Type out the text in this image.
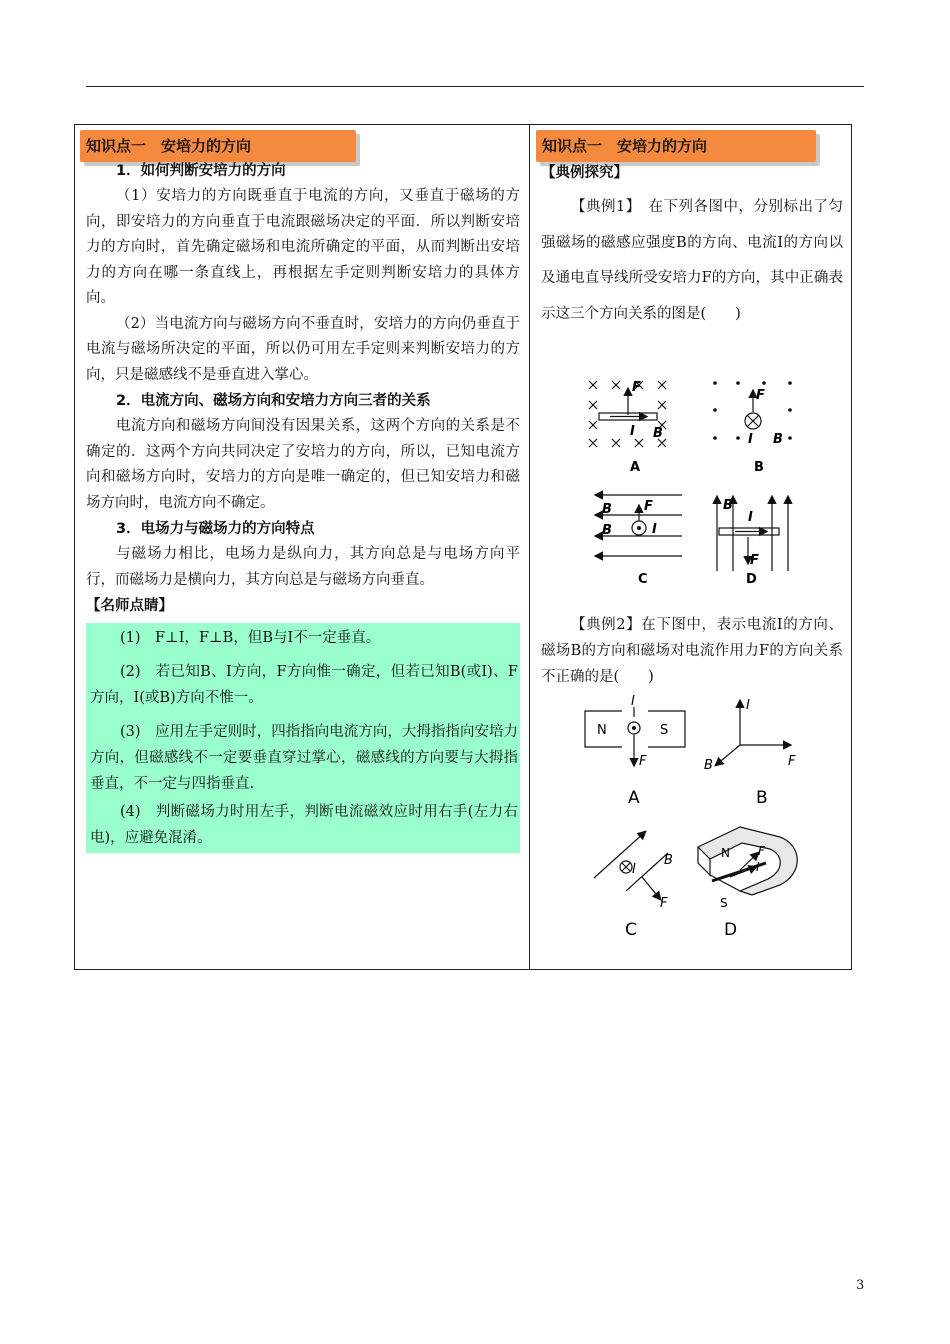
知识点一　安培力的方向

1．如何判断安培力的方向

（1）安培力的方向既垂直于电流的方向，又垂直于磁场的方向，即安培力的方向垂直于电流跟磁场决定的平面．所以判断安培力的方向时，首先确定磁场和电流所确定的平面，从而判断出安培力的方向在哪一条直线上，再根据左手定则判断安培力的具体方向。

（2）当电流方向与磁场方向不垂直时，安培力的方向仍垂直于电流与磁场所决定的平面，所以仍可用左手定则来判断安培力的方向，只是磁感线不是垂直进入掌心。

2．电流方向、磁场方向和安培力方向三者的关系

电流方向和磁场方向间没有因果关系，这两个方向的关系是不确定的．这两个方向共同决定了安培力的方向，所以，已知电流方向和磁场方向时，安培力的方向是唯一确定的，但已知安培力和磁场方向时，电流方向不确定。

3．电场力与磁场力的方向特点

与磁场力相比，电场力是纵向力，其方向总是与电场方向平行，而磁场力是横向力，其方向总是与磁场方向垂直。

【名师点睛】

(1)　F⊥I，F⊥B，但B与I不一定垂直。

(2)　若已知B、I方向，F方向惟一确定，但若已知B(或I)、F方向，I(或B)方向不惟一。

(3)　应用左手定则时，四指指向电流方向，大拇指指向安培力方向，但磁感线不一定要垂直穿过掌心，磁感线的方向要与大拇指垂直，不一定与四指垂直.

(4)　判断磁场力时用左手，判断电流磁效应时用右手(左力右电)，应避免混淆。

知识点一　安培力的方向

【典例探究】

【典例1】　在下列各图中，分别标出了匀强磁场的磁感应强度B的方向、电流I的方向以及通电直导线所受安培力F的方向，其中正确表示这三个方向关系的图是(　　)

F
I B
A
F
I B
B
F
B
B	I
C
B
I
F
D

【典例2】在下图中，表示电流I的方向、磁场B的方向和磁场对电流作用力F的方向关系不正确的是(　　)

N	S
I
F
A
I
F
B
B
I
B
F
C
N
S
F
I
D
3
